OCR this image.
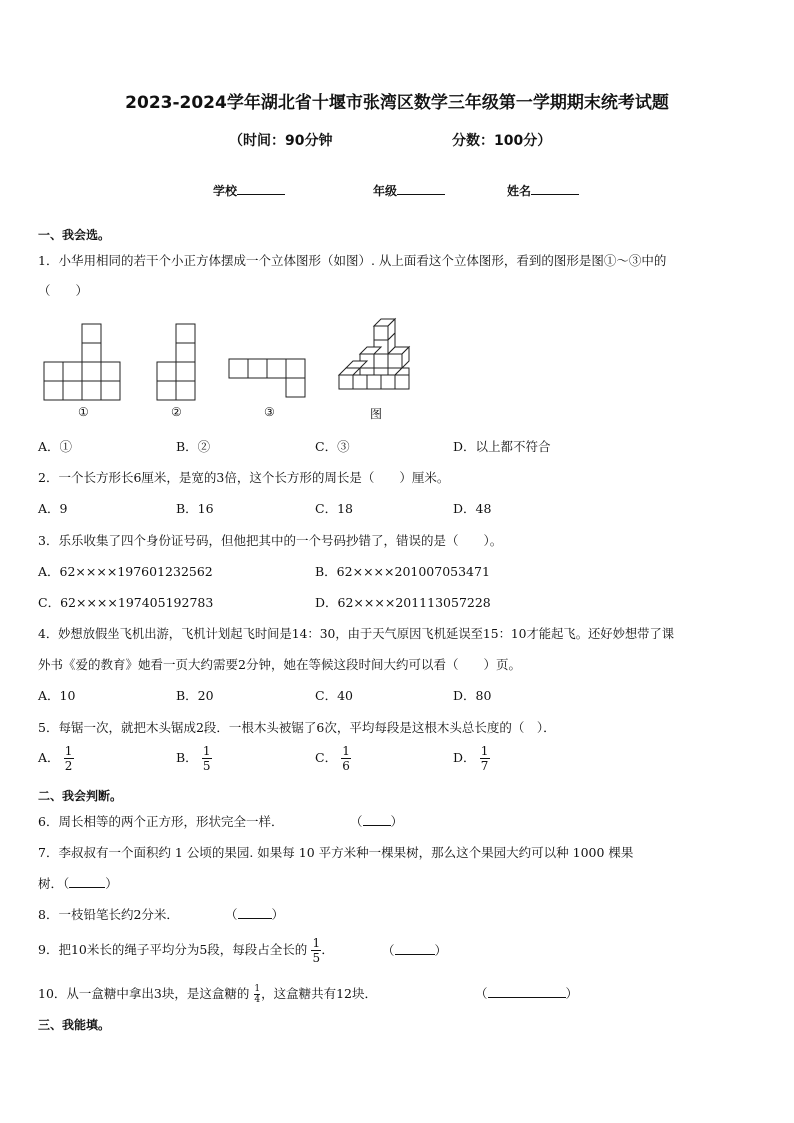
2023-2024学年湖北省十堰市张湾区数学三年级第一学期期末统考试题
（时间：90分钟	分数：100分）
学校	年级	姓名
一、我会选。
1．小华用相同的若干个小正方体摆成一个立体图形（如图）. 从上面看这个立体图形，看到的图形是图①～③中的
（　　）
①	②	③	图
A．①	B．②	C．③	D．以上都不符合
2．一个长方形长6厘米，是宽的3倍，这个长方形的周长是（　　）厘米。
A．9	B．16	C．18	D．48
3．乐乐收集了四个身份证号码，但他把其中的一个号码抄错了，错误的是（　　）。
A．62××××197601232562	B．62××××201007053471
C．62××××197405192783	D．62××××201113057228
4．妙想放假坐飞机出游，飞机计划起飞时间是14：30，由于天气原因飞机延误至15：10才能起飞。还好妙想带了课
外书《爱的教育》她看一页大约需要2分钟，她在等候这段时间大约可以看（　　）页。
A．10	B．20	C．40	D．80
5．每锯一次，就把木头锯成2段．一根木头被锯了6次，平均每段是这根木头总长度的（　）．
A． $\frac{1}{2}$	B． $\frac{1}{5}$	C． $\frac{1}{6}$	D． $\frac{1}{7}$
二、我会判断。
6．周长相等的两个正方形，形状完全一样．	（ ）
7．李叔叔有一个面积约 1 公顷的果园. 如果每 10 平方米种一棵果树，那么这个果园大约可以种 1000 棵果
树．（	）
8．一枝铅笔长约2分米．	（	）
9．把10米长的绳子平均分为5段，每段占全长的 $\frac{1}{5}$ ．	（	）
10．从一盒糖中拿出3块，是这盒糖的 $\frac{1}{4}$ ，这盒糖共有12块．	（	）
三、我能填。
